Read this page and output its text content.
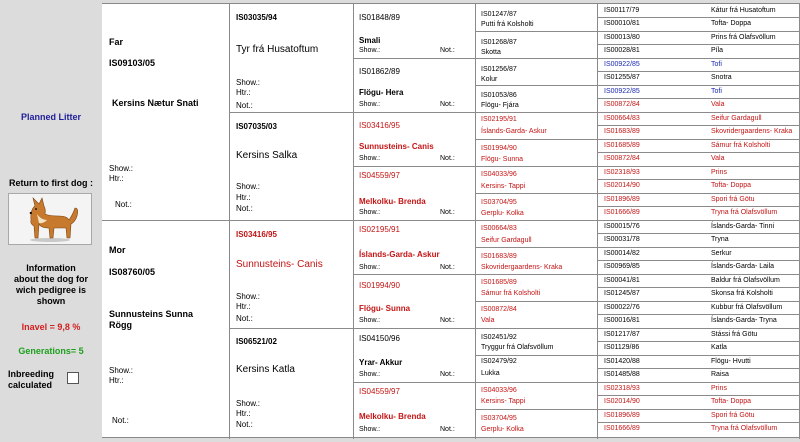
Planned Litter
Return to first dog :
Information
about the dog for
wich pedigree is
shown
Inavel = 9,8 %
Generations= 5
Inbreeding
calculated
Far
IS09103/05
Kersins Nætur Snati
Show.:
Htr.:
Not.:
Mor
IS08760/05
Sunnusteins Sunna
Rögg
Show.:
Htr.:
Not.:
IS03035/94
Tyr frá Husatoftum
Show.:
Htr.:
Not.:
IS07035/03
Kersins Salka
Show.:
Htr.:
Not.:
IS03416/95
Sunnusteins- Canis
Show.:
Htr.:
Not.:
IS06521/02
Kersins Katla
Show.:
Htr.:
Not.:
IS01848/89
Smali
Show.:	Not.:
IS01862/89
Flögu- Hera
Show.:	Not.:
IS03416/95
Sunnusteins- Canis
Show.:	Not.:
IS04559/97
Melkolku- Brenda
Show.:	Not.:
IS02195/91
Íslands-Garda- Askur
Show.:	Not.:
IS01994/90
Flögu- Sunna
Show.:	Not.:
IS04150/96
Yrar- Akkur
Show.:	Not.:
IS04559/97
Melkolku- Brenda
Show.:	Not.:
IS01247/87
Putti frá Kolsholti
IS01268/87
Skotta
IS01256/87
Kolur
IS01053/86
Flögu- Fjára
IS02195/91
Íslands-Garda- Askur
IS01994/90
Flögu- Sunna
IS04033/96
Kersins- Tappi
IS03704/95
Gerplu- Kolka
IS00664/83
Seifur Gardagull
IS01683/89
Skovridergaardens- Kraka
IS01685/89
Sámur frá Kolsholti
IS00872/84
Vala
IS02451/92
Tryggur frá Olafsvöllum
IS02479/92
Lukka
IS04033/96
Kersins- Tappi
IS03704/95
Gerplu- Kolka
IS00117/79	Kátur frá Husatoftum
IS00010/81	Tofta- Doppa
IS00013/80	Prins frá Olafsvöllum
IS00028/81	Píla
IS00922/85	Tofi
IS01255/87	Snotra
IS00922/85	Tofi
IS00872/84	Vala
IS00664/83	Seifur Gardagull
IS01683/89	Skovridergaardens- Kraka
IS01685/89	Sámur frá Kolsholti
IS00872/84	Vala
IS02318/93	Prins
IS02014/90	Tofta- Doppa
IS01896/89	Spori frá Götu
IS01666/89	Tryna frá Olafsvöllum
IS00015/76	Íslands-Garda- Tinni
IS00031/78	Tryna
IS00014/82	Serkur
IS00969/85	Íslands-Garda- Laila
IS00041/81	Baldur frá Olafsvöllum
IS01245/87	Skonsa frá Kolsholti
IS00022/76	Kubbur frá Olafsvöllum
IS00016/81	Íslands-Garda- Tryna
IS01217/87	Stássi frá Götu
IS01129/86	Katla
IS01420/88	Flögu- Hvutti
IS01485/88	Raisa
IS02318/93	Prins
IS02014/90	Tofta- Doppa
IS01896/89	Spori frá Götu
IS01666/89	Tryna frá Olafsvöllum
